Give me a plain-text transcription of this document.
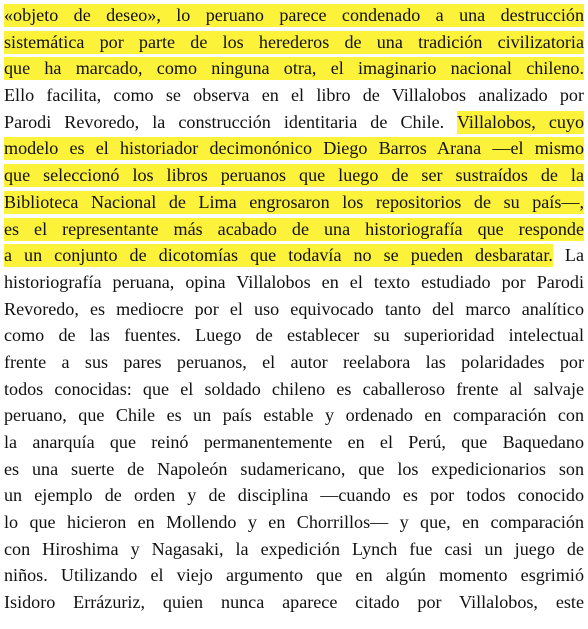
«objeto de deseo», lo peruano parece condenado a una destrucción
sistemática por parte de los herederos de una tradición civilizatoria
que ha marcado, como ninguna otra, el imaginario nacional chileno.
Ello facilita, como se observa en el libro de Villalobos analizado por
Parodi Revoredo, la construcción identitaria de Chile. Villalobos, cuyo
modelo es el historiador decimonónico Diego Barros Arana —el mismo
que seleccionó los libros peruanos que luego de ser sustraídos de la
Biblioteca Nacional de Lima engrosaron los repositorios de su país—,
es el representante más acabado de una historiografía que responde
a un conjunto de dicotomías que todavía no se pueden desbaratar. La
historiografía peruana, opina Villalobos en el texto estudiado por Parodi
Revoredo, es mediocre por el uso equivocado tanto del marco analítico
como de las fuentes. Luego de establecer su superioridad intelectual
frente a sus pares peruanos, el autor reelabora las polaridades por
todos conocidas: que el soldado chileno es caballeroso frente al salvaje
peruano, que Chile es un país estable y ordenado en comparación con
la anarquía que reinó permanentemente en el Perú, que Baquedano
es una suerte de Napoleón sudamericano, que los expedicionarios son
un ejemplo de orden y de disciplina —cuando es por todos conocido
lo que hicieron en Mollendo y en Chorrillos— y que, en comparación
con Hiroshima y Nagasaki, la expedición Lynch fue casi un juego de
niños. Utilizando el viejo argumento que en algún momento esgrimió
Isidoro Errázuriz, quien nunca aparece citado por Villalobos, este
